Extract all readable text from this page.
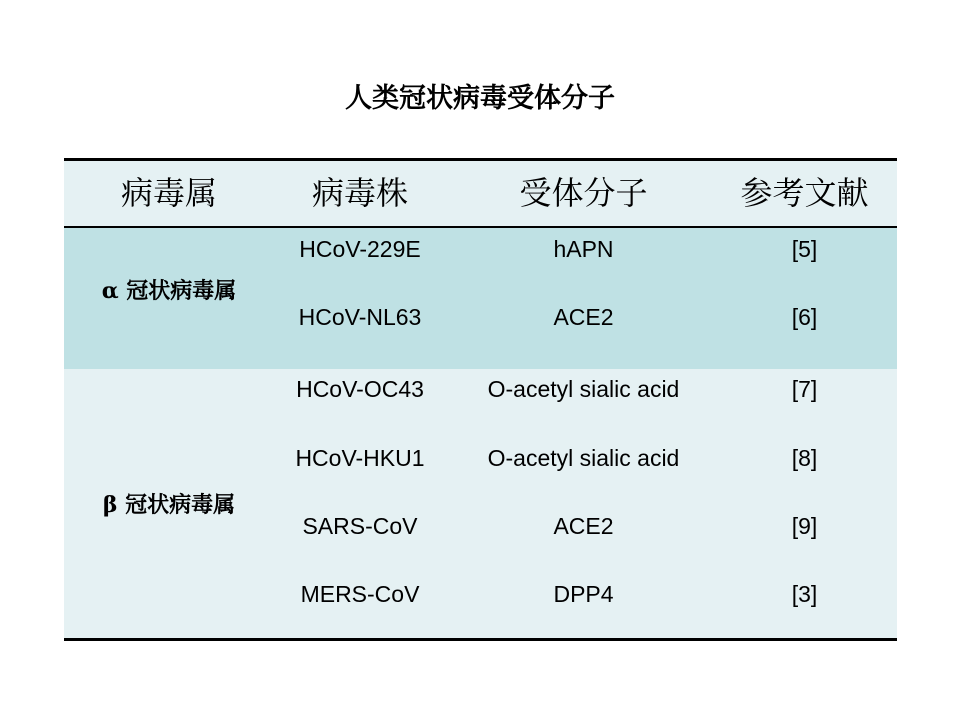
人类冠状病毒受体分子
病毒属	病毒株	受体分子	参考文献
α 冠状病毒属
HCoV-229E	hAPN	[5]
HCoV-NL63	ACE2	[6]
β 冠状病毒属
HCoV-OC43	O-acetyl sialic acid	[7]
HCoV-HKU1	O-acetyl sialic acid	[8]
SARS-CoV	ACE2	[9]
MERS-CoV	DPP4	[3]
